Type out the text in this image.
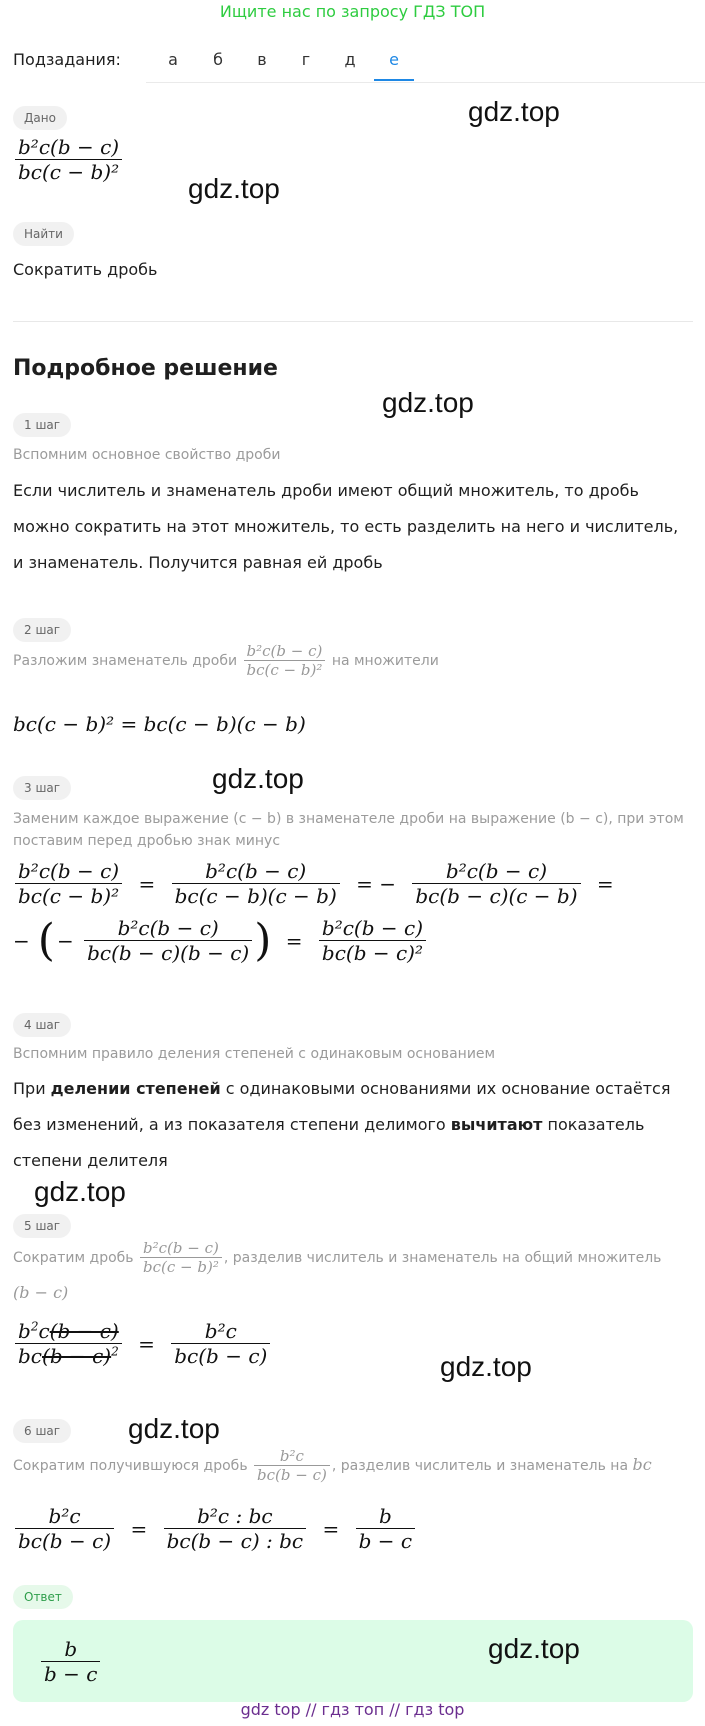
Ищите нас по запросу ГДЗ ТОП
Подзадания:	а	б	в	г	д	е
Дано
$\frac{\text{b²c(b − c)}}{\text{bc(c − b)²}}$
Найти
Сократить дробь
Подробное решение
1 шаг
Вспомним основное свойство дроби
Если числитель и знаменатель дроби имеют общий множитель, то дробь можно сократить на этот множитель, то есть разделить на него и числитель, и знаменатель. Получится равная ей дробь
2 шаг
Разложим знаменатель дроби $\frac{\text{b²c(b − c)}}{\text{bc(c − b)²}}$ на множители
bc(c − b)² = bc(c − b)(c − b)
3 шаг
Заменим каждое выражение (c − b) в знаменателе дроби на выражение (b − c), при этом поставим перед дробью знак минус
$\frac{\text{b²c(b − c)}}{\text{bc(c − b)²}} = \frac{\text{b²c(b − c)}}{bc(c - b)(c - b)}$ = − $\frac{\text{b²c(b − c)}}{bc(b - c)(c - b)}$ =
− ( − $\frac{\text{b²c(b − c)}}{bc(b - c)(b - c)}$ ) = $\frac{\text{b²c(b − c)}}{\text{bc(b − c)²}}$
4 шаг
Вспомним правило деления степеней с одинаковым основанием
При делении степеней с одинаковыми основаниями их основание остаётся без изменений, а из показателя степени делимого вычитают показатель степени делителя
5 шаг
Сократим дробь $\frac{\text{b²c(b − c)}}{\text{bc(c − b)²}}$ , разделив числитель и знаменатель на общий множитель
(b − c)
$\frac{b^2c(b - c)}{bc(b - c)^2} = \frac{\text{b²c}}{bc(b - c)}$
6 шаг
Сократим получившуюся дробь $\frac{\text{b²c}}{bc(b - c)}$ , разделив числитель и знаменатель на bc
$\frac{\text{b²c}}{bc(b - c)} = \frac{\text{b²c : bc}}{bc(b - c) : bc} = \frac{b}{b - c}$
Ответ
$\frac{b}{b - c}$
gdz.top
gdz.top
gdz.top
gdz.top
gdz.top
gdz.top
gdz.top
gdz.top
gdz top // гдз топ // гдз top
